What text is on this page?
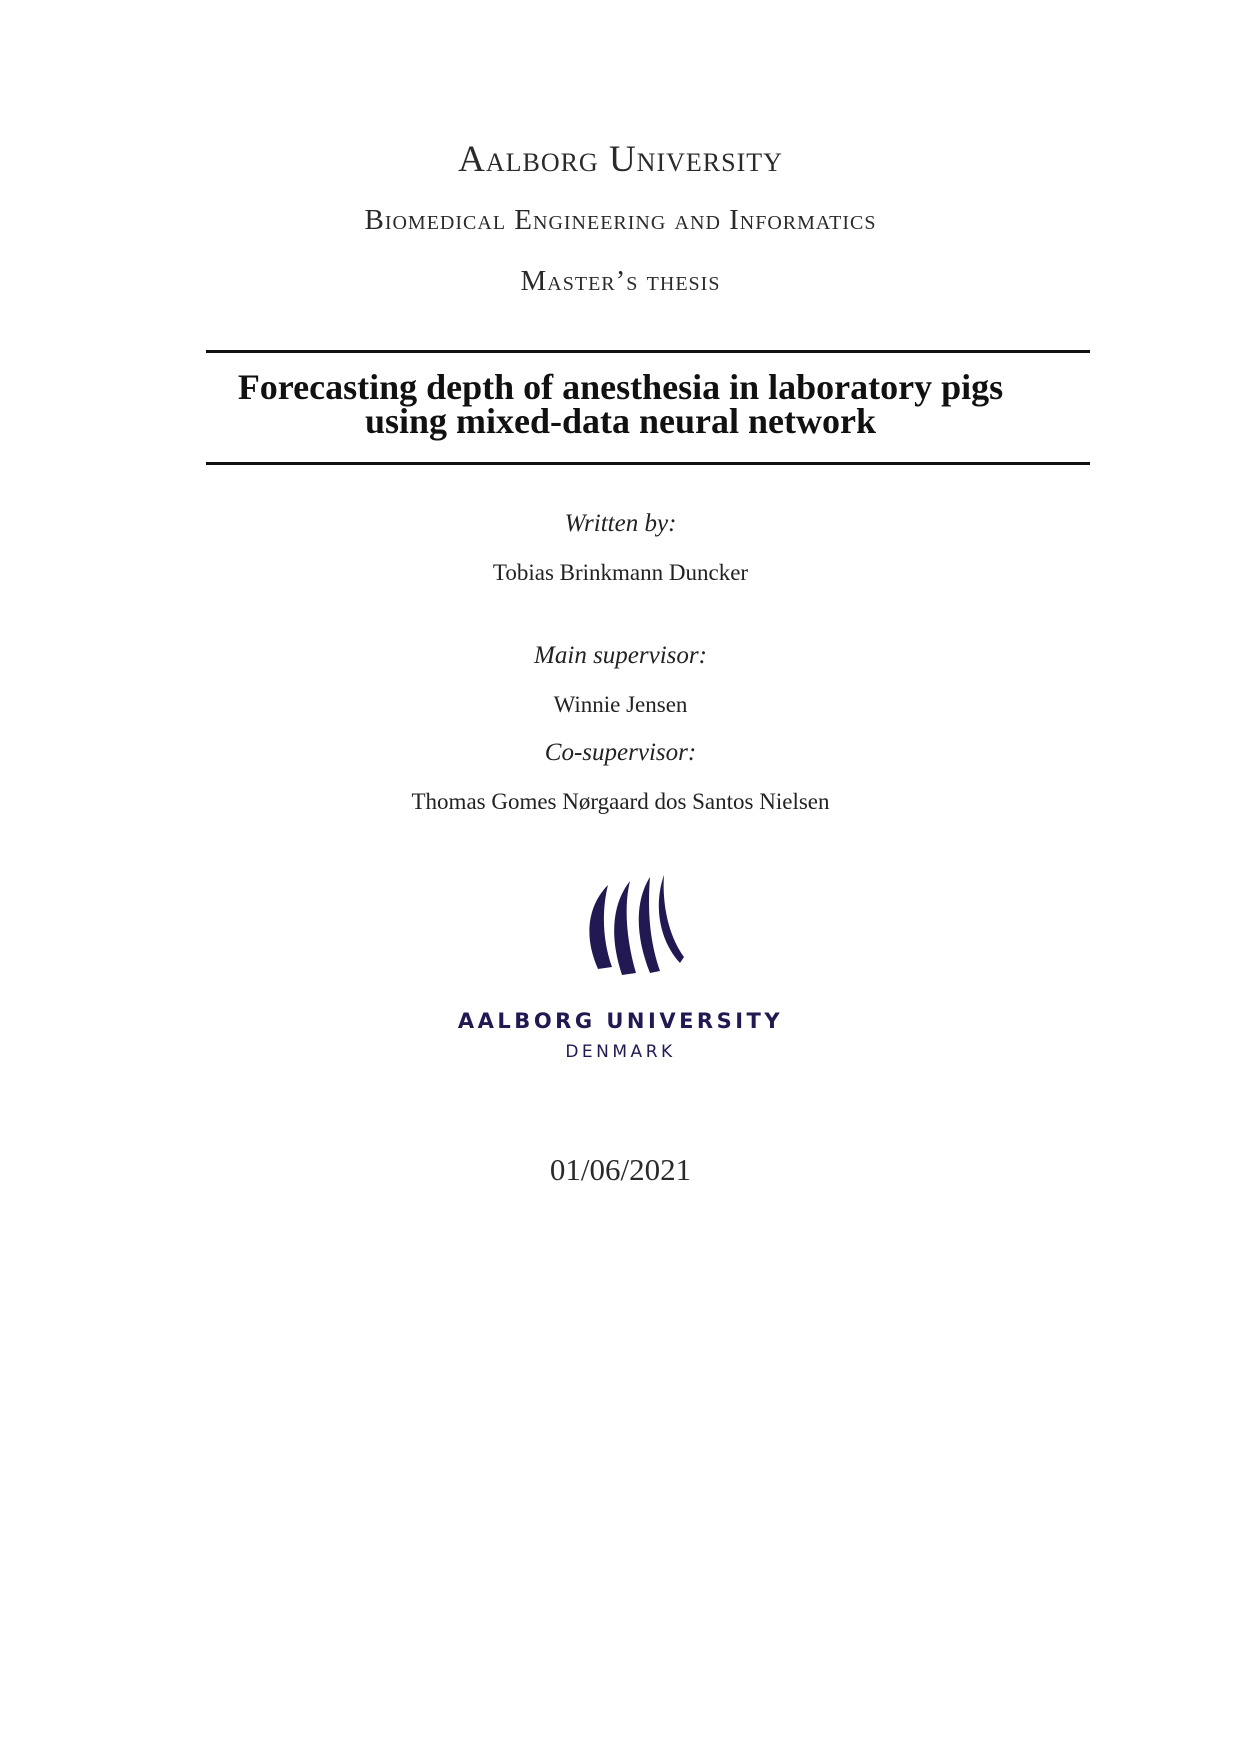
Aalborg University
Biomedical Engineering and Informatics
Master’s thesis
Forecasting depth of anesthesia in laboratory pigs
using mixed-data neural network
Written by:
Tobias Brinkmann Duncker
Main supervisor:
Winnie Jensen
Co-supervisor:
Thomas Gomes Nørgaard dos Santos Nielsen
AALBORG UNIVERSITY
DENMARK
01/06/2021
